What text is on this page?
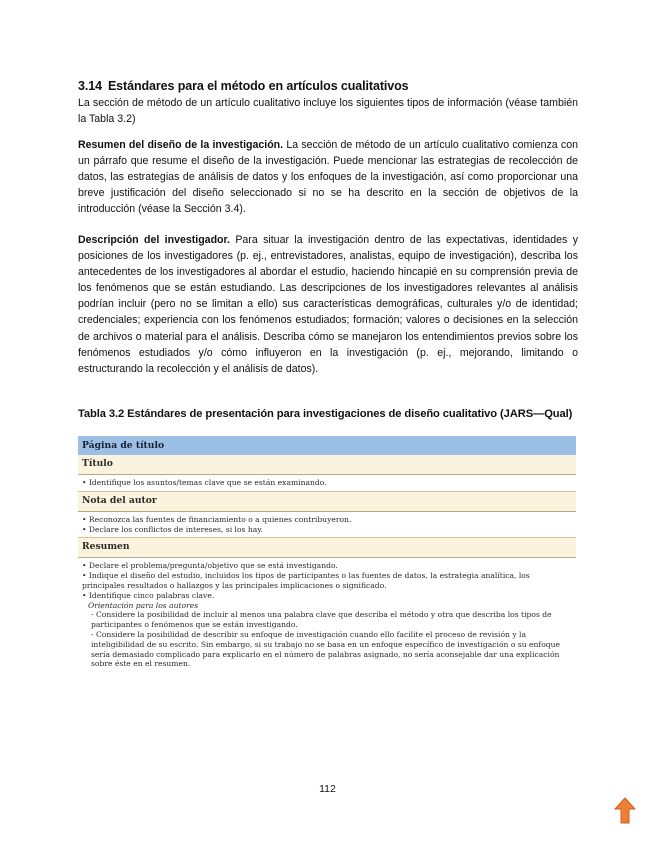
3.14 Estándares para el método en artículos cualitativos
La sección de método de un artículo cualitativo incluye los siguientes tipos de información (véase también la Tabla 3.2)
Resumen del diseño de la investigación. La sección de método de un artículo cualitativo comienza con un párrafo que resume el diseño de la investigación. Puede mencionar las estrategias de recolección de datos, las estrategias de análisis de datos y los enfoques de la investigación, así como proporcionar una breve justificación del diseño seleccionado si no se ha descrito en la sección de objetivos de la introducción (véase la Sección 3.4).
Descripción del investigador. Para situar la investigación dentro de las expectativas, identidades y posiciones de los investigadores (p. ej., entrevistadores, analistas, equipo de investigación), describa los antecedentes de los investigadores al abordar el estudio, haciendo hincapié en su comprensión previa de los fenómenos que se están estudiando. Las descripciones de los investigadores relevantes al análisis podrían incluir (pero no se limitan a ello) sus características demográficas, culturales y/o de identidad; credenciales; experiencia con los fenómenos estudiados; formación; valores o decisiones en la selección de archivos o material para el análisis. Describa cómo se manejaron los entendimientos previos sobre los fenómenos estudiados y/o cómo influyeron en la investigación (p. ej., mejorando, limitando o estructurando la recolección y el análisis de datos).
Tabla 3.2 Estándares de presentación para investigaciones de diseño cualitativo (JARS—Qual)
Página de título
Título
• Identifique los asuntos/temas clave que se están examinando.
Nota del autor
• Reconozca las fuentes de financiamiento o a quienes contribuyeron.
• Declare los conflictos de intereses, si los hay.
Resumen
• Declare el problema/pregunta/objetivo que se está investigando.
• Indique el diseño del estudio, incluidos los tipos de participantes o las fuentes de datos, la estrategia analítica, los principales resultados o hallazgos y las principales implicaciones o significado.
• Identifique cinco palabras clave.
Orientación para los autores
- Considere la posibilidad de incluir al menos una palabra clave que describa el método y otra que describa los tipos de participantes o fenómenos que se están investigando.
- Considere la posibilidad de describir su enfoque de investigación cuando ello facilite el proceso de revisión y la inteligibilidad de su escrito. Sin embargo, si su trabajo no se basa en un enfoque específico de investigación o su enfoque sería demasiado complicado para explicarlo en el número de palabras asignado, no sería aconsejable dar una explicación sobre éste en el resumen.
112
